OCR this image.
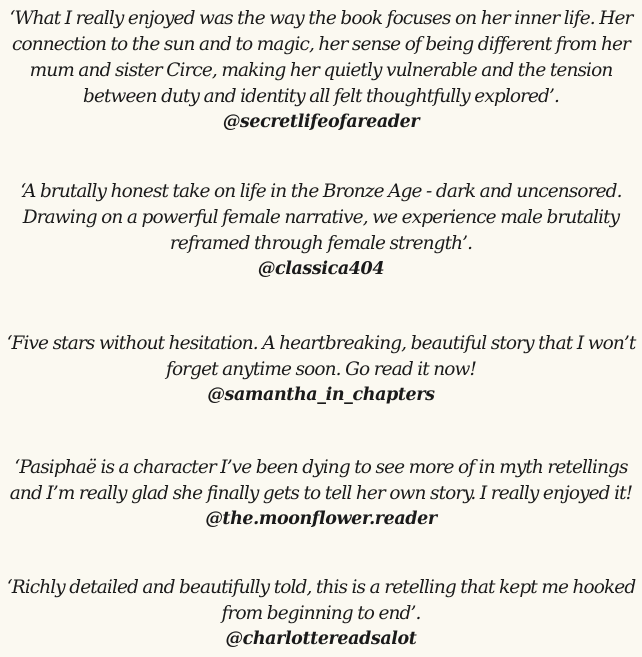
‘What I really enjoyed was the way the book focuses on her inner life. Her connection to the sun and to magic, her sense of being different from her mum and sister Circe, making her quietly vulnerable and the tension between duty and identity all felt thoughtfully explored’.

@secretlifeofareader

‘A brutally honest take on life in the Bronze Age - dark and uncensored. Drawing on a powerful female narrative, we experience male brutality reframed through female strength’.

@classica404

‘Five stars without hesitation. A heartbreaking, beautiful story that I won’t forget anytime soon. Go read it now!

@samantha_in_chapters

‘Pasiphaë is a character I’ve been dying to see more of in myth retellings and I’m really glad she finally gets to tell her own story. I really enjoyed it!

@the.moonflower.reader

‘Richly detailed and beautifully told, this is a retelling that kept me hooked from beginning to end’.

@charlottereadsalot
